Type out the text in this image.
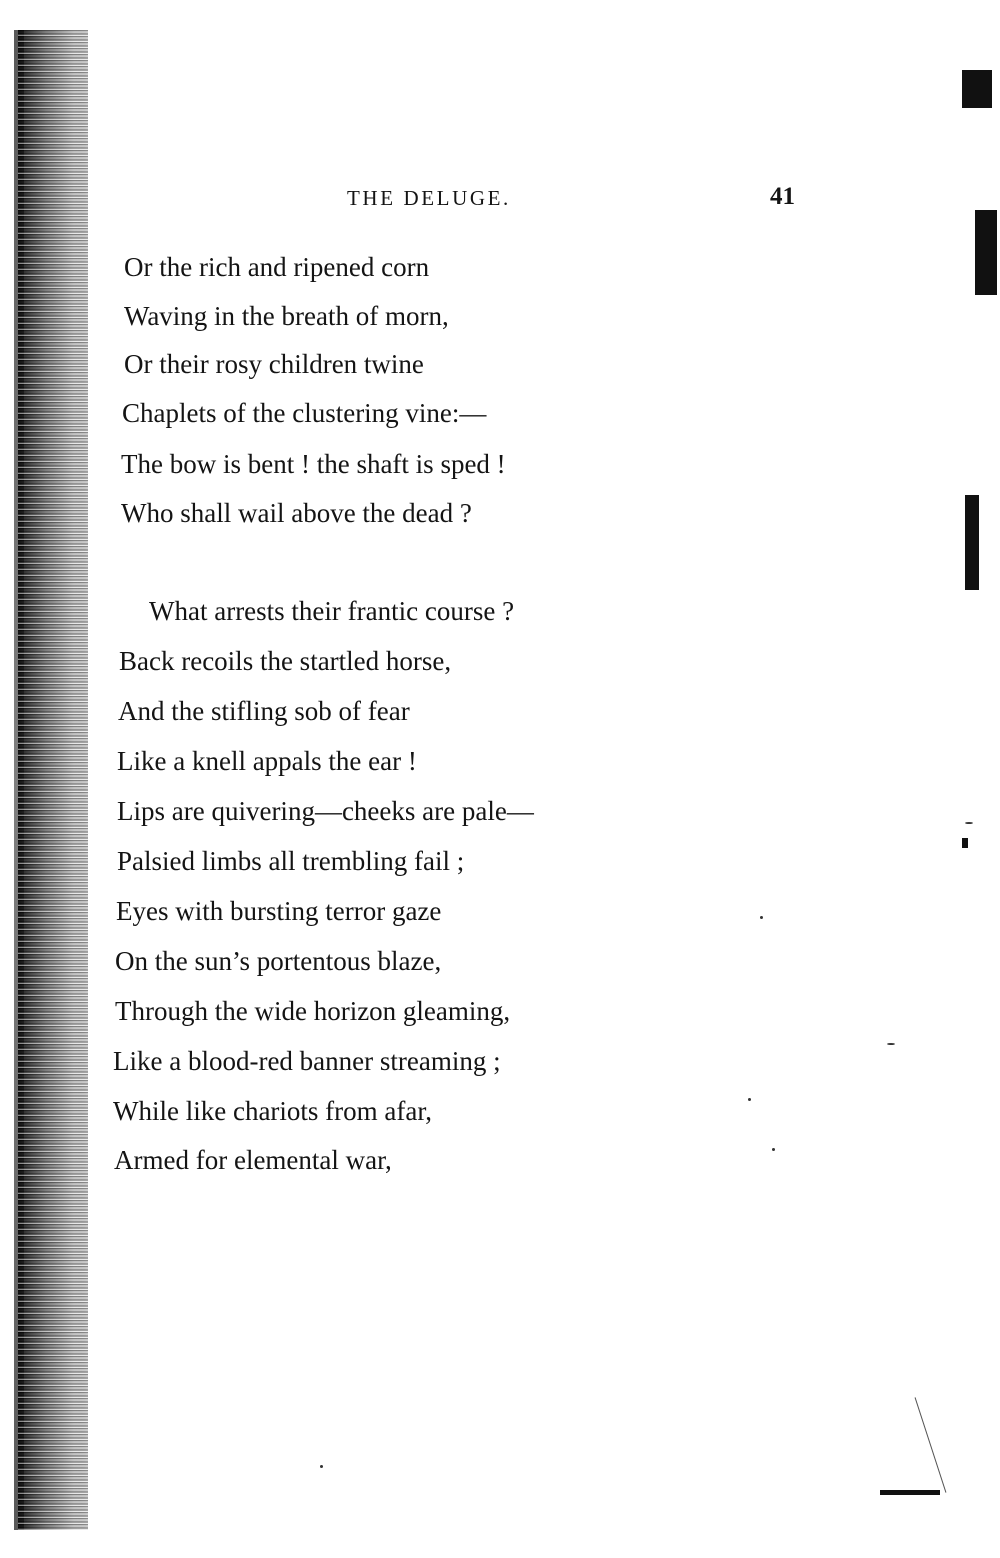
THE DELUGE.	41
Or the rich and ripened corn
Waving in the breath of morn,
Or their rosy children twine
Chaplets of the clustering vine:—
The bow is bent ! the shaft is sped !
Who shall wail above the dead ?
What arrests their frantic course ?
Back recoils the startled horse,
And the stifling sob of fear
Like a knell appals the ear !
Lips are quivering—cheeks are pale—
Palsied limbs all trembling fail ;
Eyes with bursting terror gaze
On the sun’s portentous blaze,
Through the wide horizon gleaming,
Like a blood-red banner streaming ;
While like chariots from afar,
Armed for elemental war,
